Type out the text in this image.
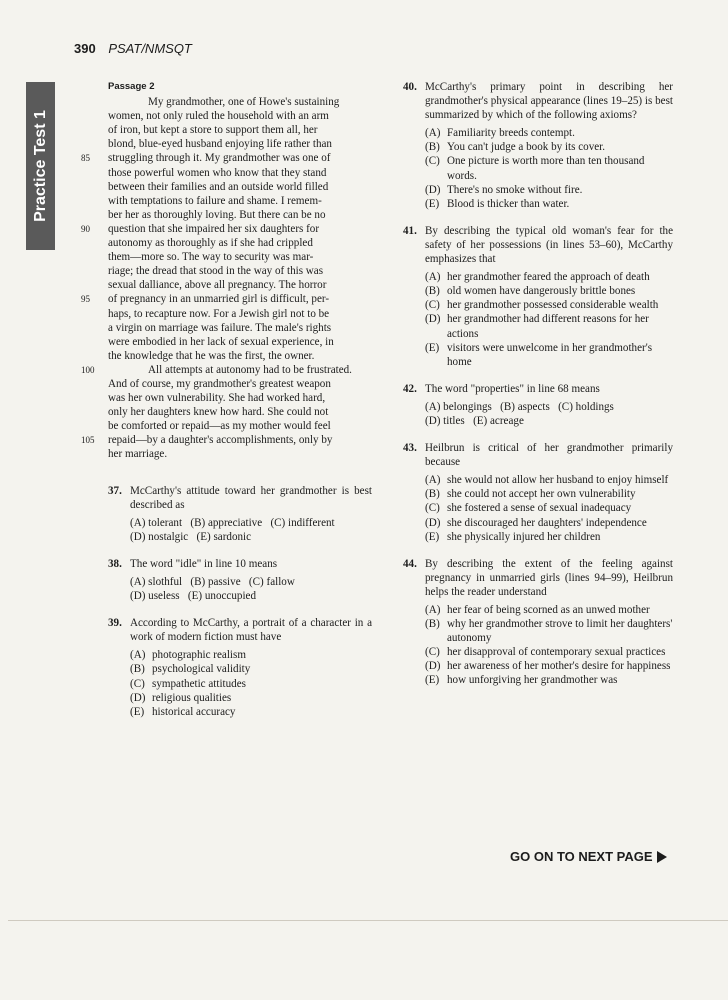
390 PSAT/NMSQT
Practice Test 1
Passage 2
My grandmother, one of Howe's sustaining
women, not only ruled the household with an arm
of iron, but kept a store to support them all, her
blond, blue-eyed husband enjoying life rather than
struggling through it. My grandmother was one of
85
those powerful women who know that they stand
between their families and an outside world filled
with temptations to failure and shame. I remem-
ber her as thoroughly loving. But there can be no
question that she impaired her six daughters for
90
autonomy as thoroughly as if she had crippled
them—more so. The way to security was mar-
riage; the dread that stood in the way of this was
sexual dalliance, above all pregnancy. The horror
of pregnancy in an unmarried girl is difficult, per-
95
haps, to recapture now. For a Jewish girl not to be
a virgin on marriage was failure. The male's rights
were embodied in her lack of sexual experience, in
the knowledge that he was the first, the owner.
All attempts at autonomy had to be frustrated.
100
And of course, my grandmother's greatest weapon
was her own vulnerability. She had worked hard,
only her daughters knew how hard. She could not
be comforted or repaid—as my mother would feel
repaid—by a daughter's accomplishments, only by
105
her marriage.
37. McCarthy's attitude toward her grandmother is best described as
(A) tolerant   (B) appreciative   (C) indifferent
(D) nostalgic   (E) sardonic
38. The word "idle" in line 10 means
(A) slothful   (B) passive   (C) fallow
(D) useless   (E) unoccupied
39. According to McCarthy, a portrait of a character in a work of modern fiction must have
(A) photographic realism
(B) psychological validity
(C) sympathetic attitudes
(D) religious qualities
(E) historical accuracy
40. McCarthy's primary point in describing her grandmother's physical appearance (lines 19–25) is best summarized by which of the following axioms?
(A) Familiarity breeds contempt.
(B) You can't judge a book by its cover.
(C) One picture is worth more than ten thousand words.
(D) There's no smoke without fire.
(E) Blood is thicker than water.
41. By describing the typical old woman's fear for the safety of her possessions (in lines 53–60), McCarthy emphasizes that
(A) her grandmother feared the approach of death
(B) old women have dangerously brittle bones
(C) her grandmother possessed considerable wealth
(D) her grandmother had different reasons for her actions
(E) visitors were unwelcome in her grandmother's home
42. The word "properties" in line 68 means
(A) belongings   (B) aspects   (C) holdings
(D) titles   (E) acreage
43. Heilbrun is critical of her grandmother primarily because
(A) she would not allow her husband to enjoy himself
(B) she could not accept her own vulnerability
(C) she fostered a sense of sexual inadequacy
(D) she discouraged her daughters' independence
(E) she physically injured her children
44. By describing the extent of the feeling against pregnancy in unmarried girls (lines 94–99), Heilbrun helps the reader understand
(A) her fear of being scorned as an unwed mother
(B) why her grandmother strove to limit her daughters' autonomy
(C) her disapproval of contemporary sexual practices
(D) her awareness of her mother's desire for happiness
(E) how unforgiving her grandmother was
GO ON TO NEXT PAGE
